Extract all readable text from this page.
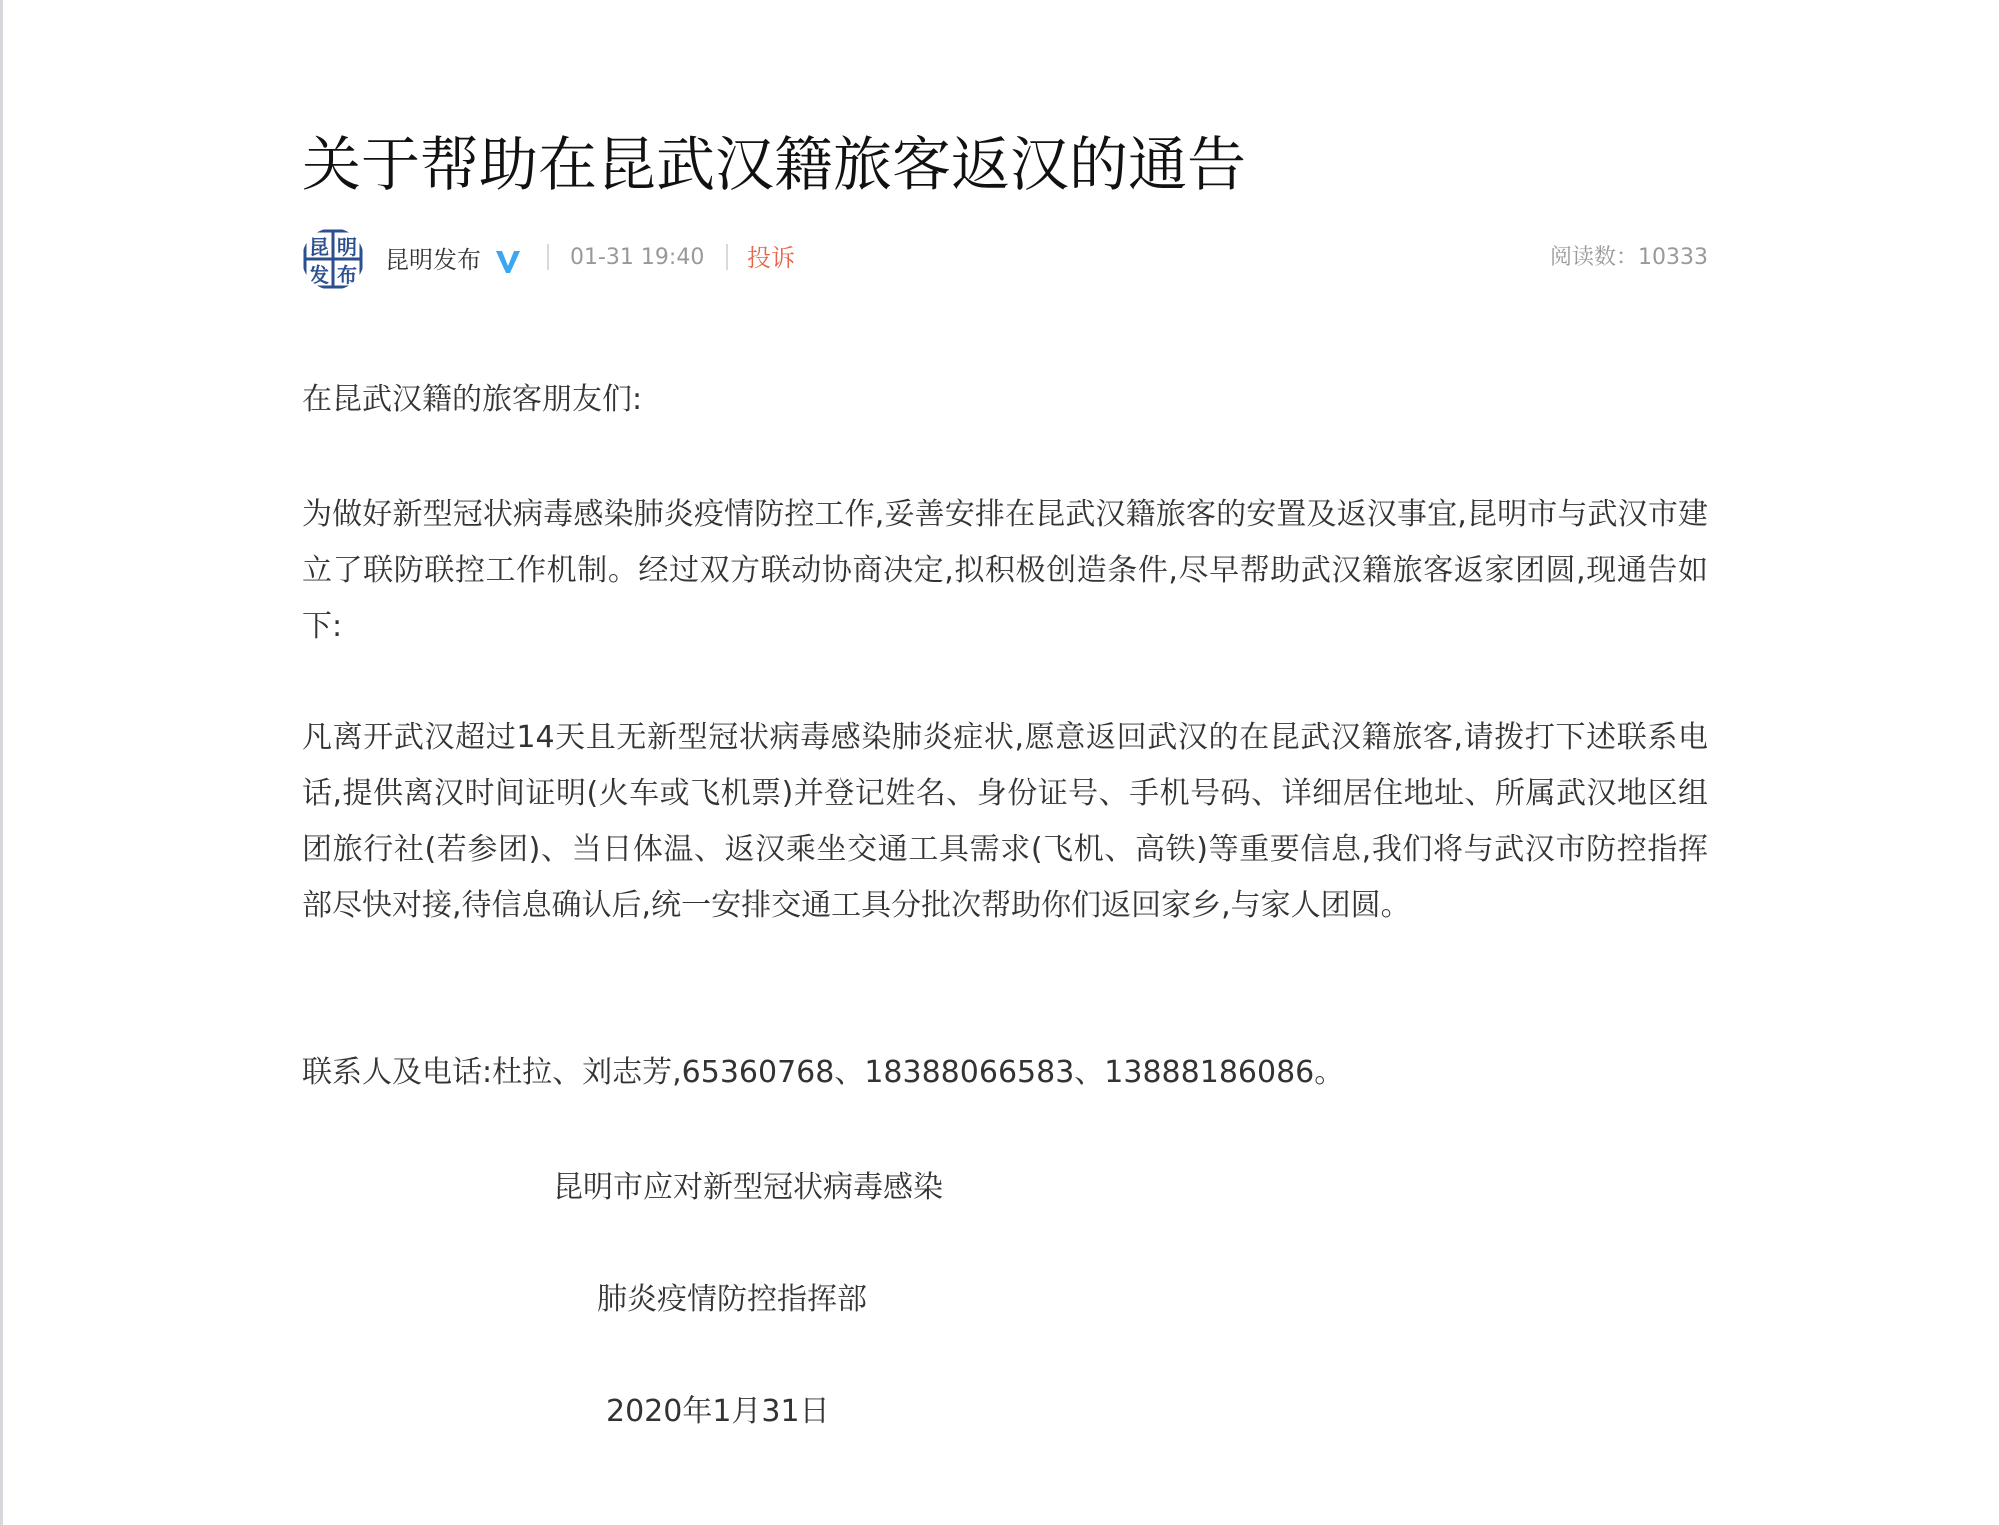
关于帮助在昆武汉籍旅客返汉的通告
昆 明
发 布
昆明发布	01-31 19:40 投诉	阅读数：10333

在昆武汉籍的旅客朋友们:

为做好新型冠状病毒感染肺炎疫情防控工作,妥善安排在昆武汉籍旅客的安置及返汉事宜,昆明市与武汉市建立了联防联控工作机制。经过双方联动协商决定,拟积极创造条件,尽早帮助武汉籍旅客返家团圆,现通告如下:

凡离开武汉超过14天且无新型冠状病毒感染肺炎症状,愿意返回武汉的在昆武汉籍旅客,请拨打下述联系电话,提供离汉时间证明(火车或飞机票)并登记姓名、身份证号、手机号码、详细居住地址、所属武汉地区组团旅行社(若参团)、当日体温、返汉乘坐交通工具需求(飞机、高铁)等重要信息,我们将与武汉市防控指挥部尽快对接,待信息确认后,统一安排交通工具分批次帮助你们返回家乡,与家人团圆。

联系人及电话:杜拉、刘志芳,65360768、18388066583、13888186086。

昆明市应对新型冠状病毒感染

肺炎疫情防控指挥部

2020年1月31日
